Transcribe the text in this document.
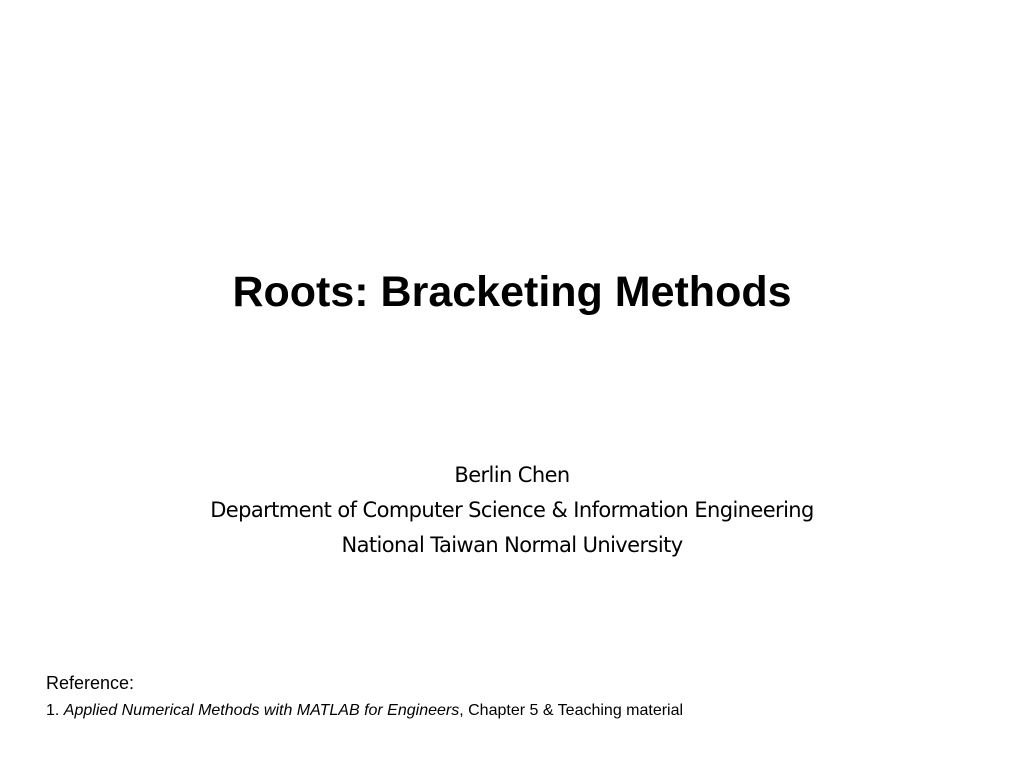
Roots: Bracketing Methods
Berlin Chen
Department of Computer Science & Information Engineering
National Taiwan Normal University
Reference:
1. Applied Numerical Methods with MATLAB for Engineers, Chapter 5 & Teaching material
